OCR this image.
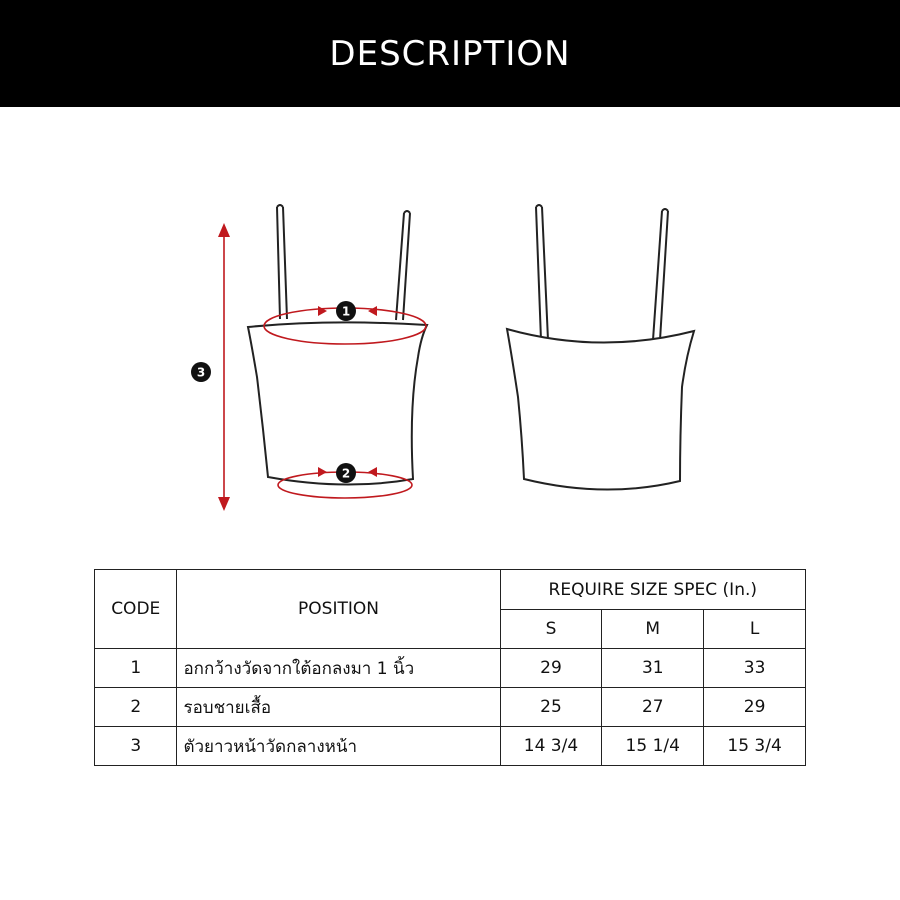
DESCRIPTION
1
2
3
CODE	POSITION	REQUIRE SIZE SPEC (In.)		
		S	M	L
1	อกกว้างวัดจากใต้อกลงมา 1 นิ้ว	29	31	33
2	รอบชายเสื้อ	25	27	29
3	ตัวยาวหน้าวัดกลางหน้า	14 3/4	15 1/4	15 3/4
